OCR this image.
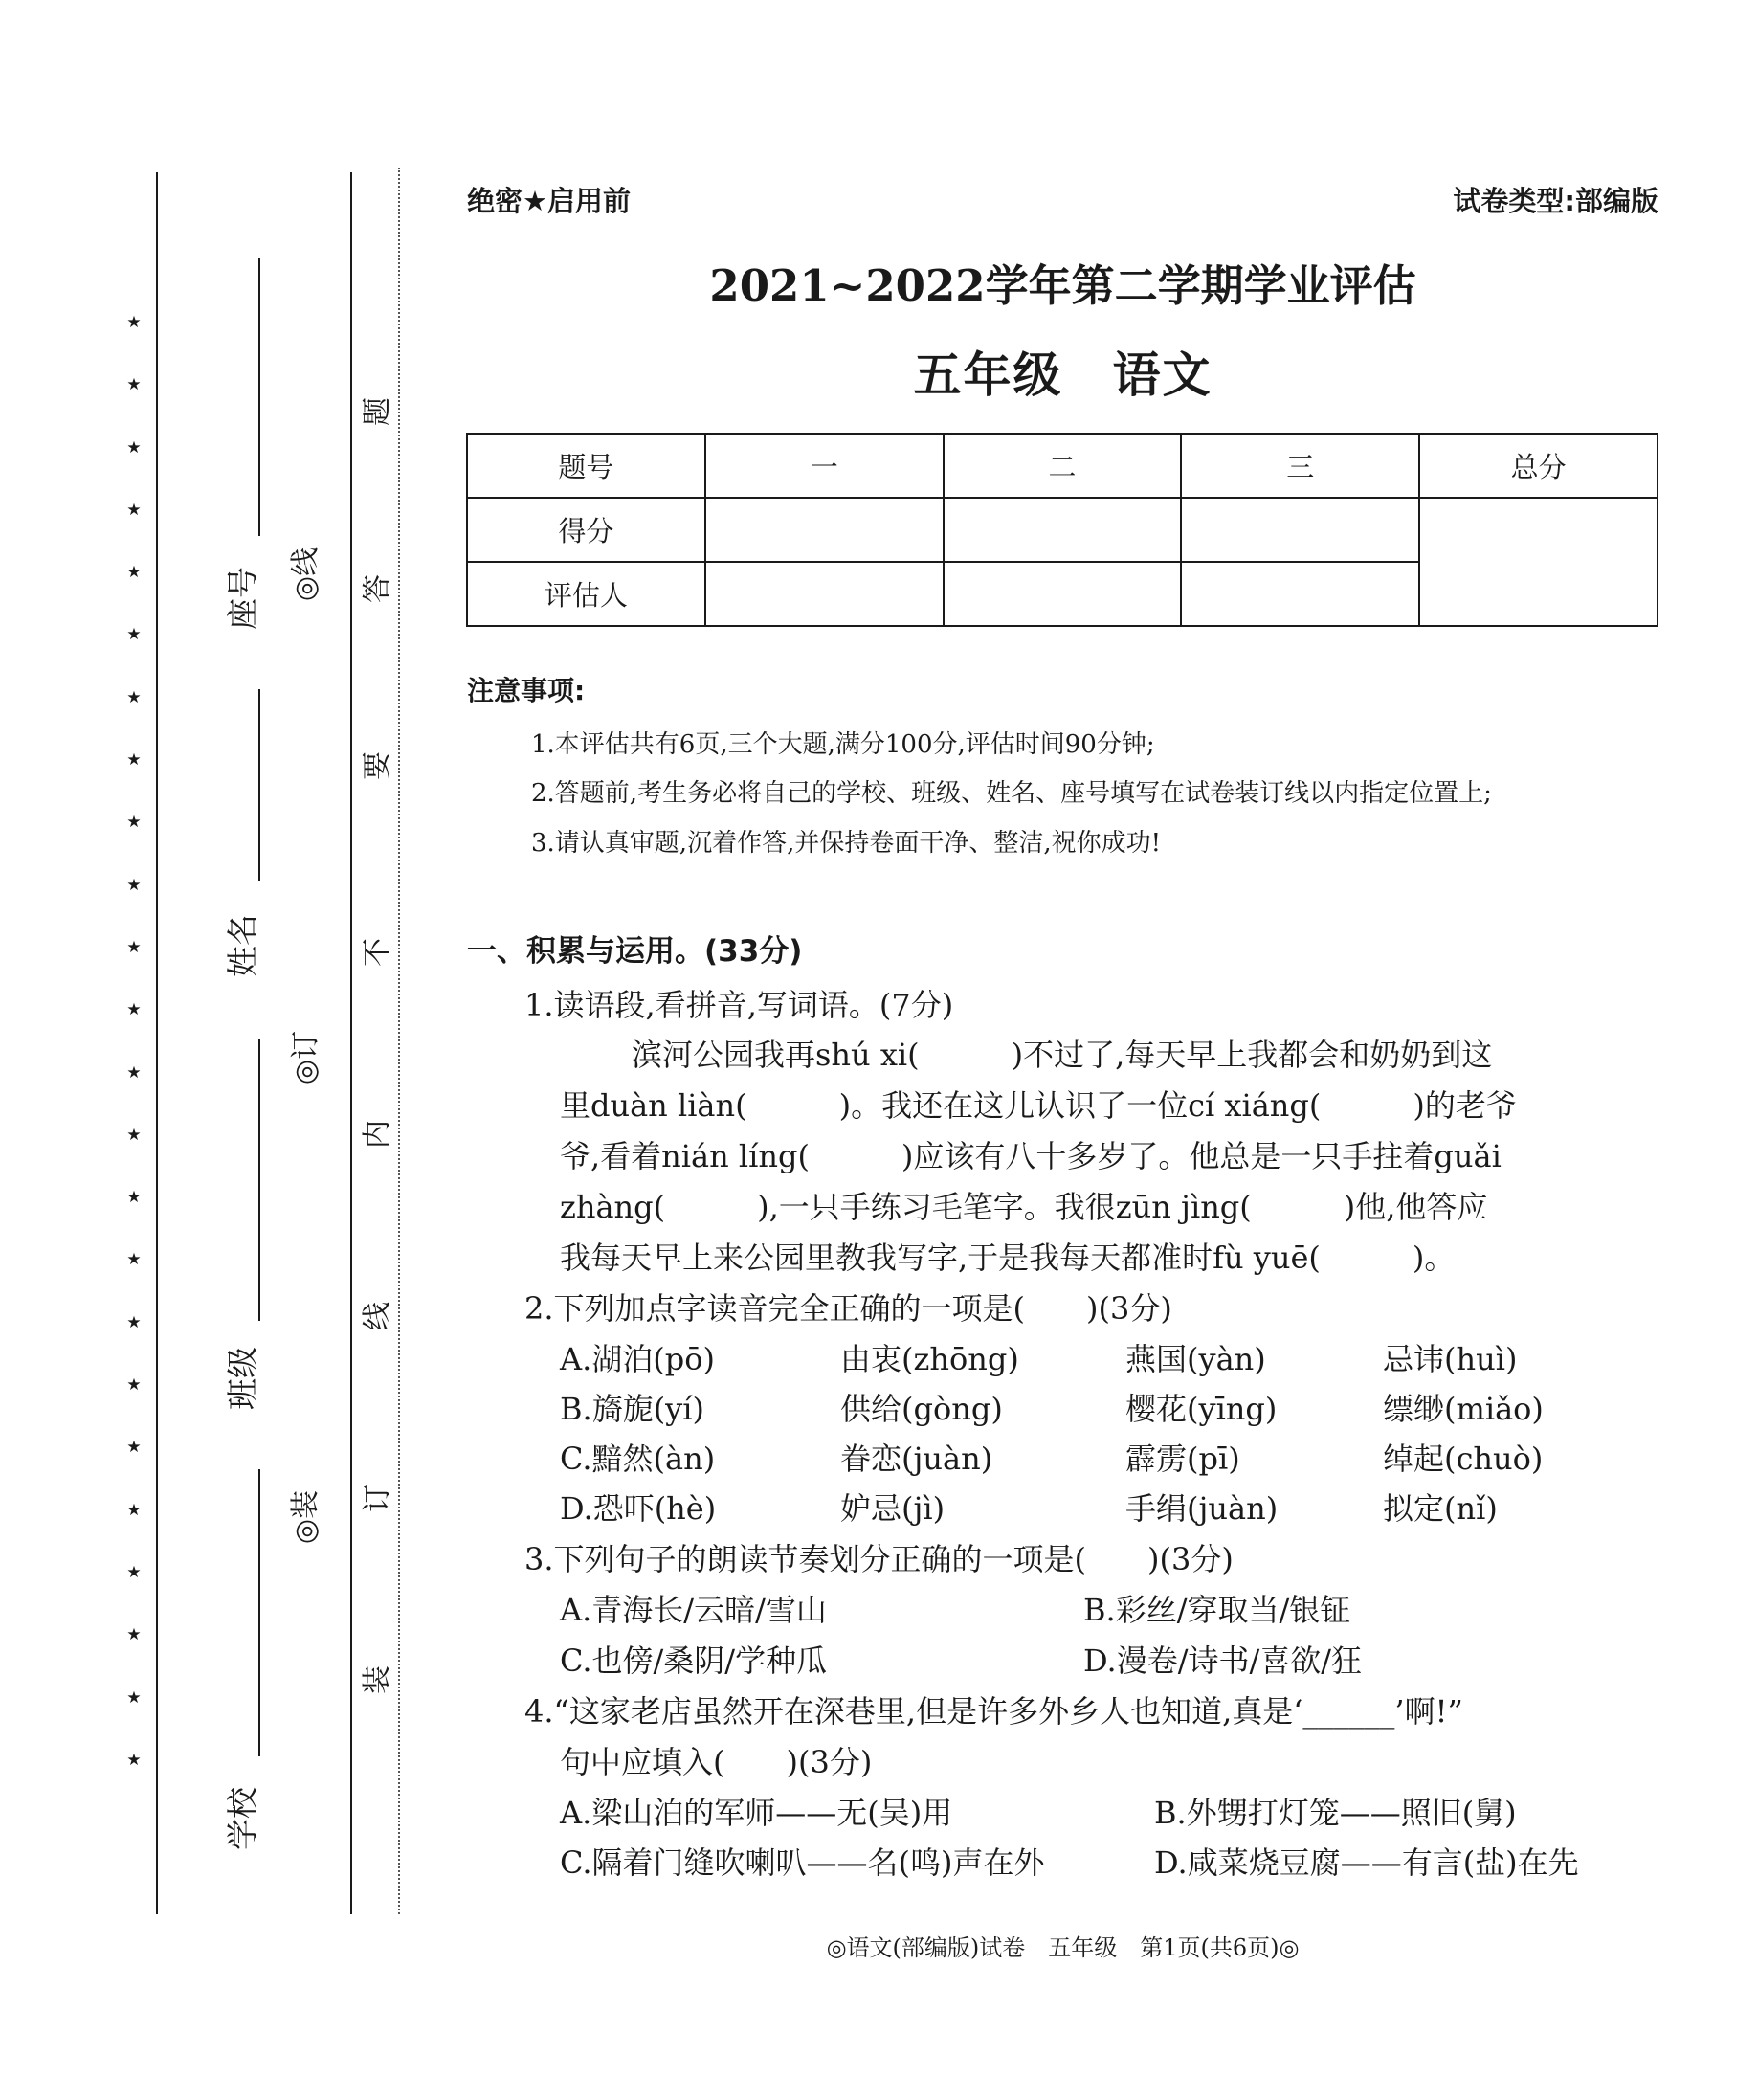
★
★
★
★
★
★
★
★
★
★
★
★
★
★
★
★
★
★
★
★
★
★
★
★
座号
姓名
班级
学校
◎线
◎订
◎装
题
答
要
不
内
线
订
装
绝密★启用前	试卷类型:部编版
2021~2022学年第二学期学业评估
五年级　语文
题号	一	二	三	总分
得分				
评估人				
注意事项:
1.本评估共有6页,三个大题,满分100分,评估时间90分钟;
2.答题前,考生务必将自己的学校、班级、姓名、座号填写在试卷装订线以内指定位置上;
3.请认真审题,沉着作答,并保持卷面干净、整洁,祝你成功!
一、积累与运用。(33分)
1.读语段,看拼音,写词语。(7分)
滨河公园我再shú xi(　　　)不过了,每天早上我都会和奶奶到这
里duàn liàn(　　　)。我还在这儿认识了一位cí xiáng(　　　)的老爷
爷,看着nián líng(　　　)应该有八十多岁了。他总是一只手拄着guǎi
zhàng(　　　),一只手练习毛笔字。我很zūn jìng(　　　)他,他答应
我每天早上来公园里教我写字,于是我每天都准时fù yuē(　　　)。
2.下列加点字读音完全正确的一项是(　　)(3分)
A.湖泊(pō)	由衷(zhōng)	燕国(yàn)	忌讳(huì)
B.旖旎(yí)	供给(gòng)	樱花(yīng)	缥缈(miǎo)
C.黯然(àn)	眷恋(juàn)	霹雳(pī)	绰起(chuò)
D.恐吓(hè)	妒忌(jì)	手绢(juàn)	拟定(nǐ)
3.下列句子的朗读节奏划分正确的一项是(　　)(3分)
A.青海长/云暗/雪山	B.彩丝/穿取当/银钲
C.也傍/桑阴/学种瓜	D.漫卷/诗书/喜欲/狂
4.“这家老店虽然开在深巷里,但是许多外乡人也知道,真是‘______’啊!”
句中应填入(　　)(3分)
A.梁山泊的军师——无(吴)用	B.外甥打灯笼——照旧(舅)
C.隔着门缝吹喇叭——名(鸣)声在外	D.咸菜烧豆腐——有言(盐)在先
◎语文(部编版)试卷　五年级　第1页(共6页)◎
